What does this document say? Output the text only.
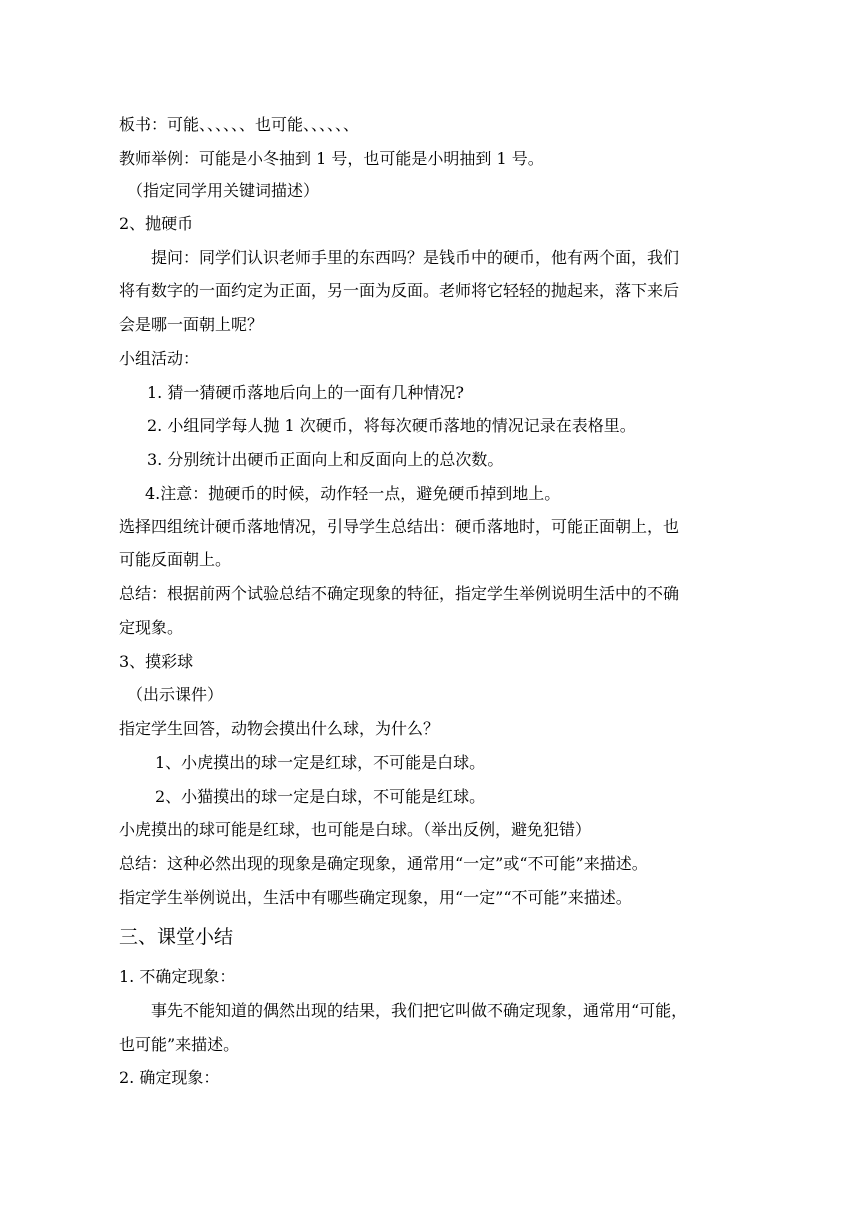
板书：可能、、、、、、也可能、、、、、、
教师举例：可能是小冬抽到 1 号，也可能是小明抽到 1 号。
（指定同学用关键词描述）
2、抛硬币
提问：同学们认识老师手里的东西吗？是钱币中的硬币，他有两个面，我们
将有数字的一面约定为正面，另一面为反面。老师将它轻轻的抛起来，落下来后
会是哪一面朝上呢？
小组活动：
1. 猜一猜硬币落地后向上的一面有几种情况?
2. 小组同学每人抛 1 次硬币，将每次硬币落地的情况记录在表格里。
3. 分别统计出硬币正面向上和反面向上的总次数。
4.注意：抛硬币的时候，动作轻一点，避免硬币掉到地上。
选择四组统计硬币落地情况，引导学生总结出：硬币落地时，可能正面朝上，也
可能反面朝上。
总结：根据前两个试验总结不确定现象的特征，指定学生举例说明生活中的不确
定现象。
3、摸彩球
（出示课件）
指定学生回答，动物会摸出什么球，为什么？
1、小虎摸出的球一定是红球，不可能是白球。
2、小猫摸出的球一定是白球，不可能是红球。
小虎摸出的球可能是红球，也可能是白球。（举出反例，避免犯错）
总结：这种必然出现的现象是确定现象，通常用“一定”或“不可能”来描述。
指定学生举例说出，生活中有哪些确定现象，用“一定”“不可能”来描述。
三、课堂小结
1. 不确定现象：
事先不能知道的偶然出现的结果，我们把它叫做不确定现象，通常用“可能，
也可能”来描述。
2. 确定现象：
